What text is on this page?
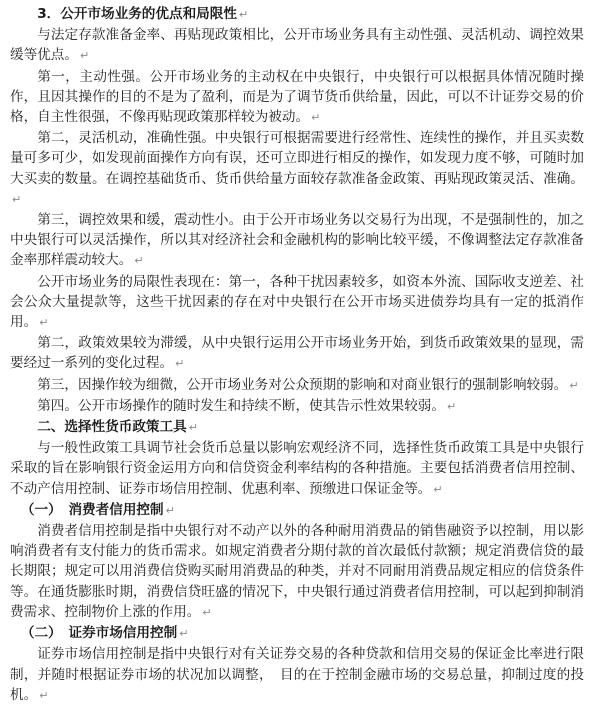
3．公开市场业务的优点和局限性 ↵

与法定存款准备金率、再贴现政策相比，公开市场业务具有主动性强、灵活机动、调控效果缓等优点。 ↵

第一，主动性强。公开市场业务的主动权在中央银行，中央银行可以根据具体情况随时操作，且因其操作的目的不是为了盈利，而是为了调节货币供给量，因此，可以不计证券交易的价格，自主性很强，不像再贴现政策那样较为被动。 ↵

第二，灵活机动，准确性强。中央银行可根据需要进行经常性、连续性的操作，并且买卖数量可多可少，如发现前面操作方向有误，还可立即进行相反的操作，如发现力度不够，可随时加大买卖的数量。在调控基础货币、货币供给量方面较存款准备金政策、再贴现政策灵活、准确。↵

第三，调控效果和缓，震动性小。由于公开市场业务以交易行为出现，不是强制性的，加之中央银行可以灵活操作，所以其对经济社会和金融机构的影响比较平缓，不像调整法定存款准备金率那样震动较大。 ↵

公开市场业务的局限性表现在：第一，各种干扰因素较多，如资本外流、国际收支逆差、社会公众大量提款等，这些干扰因素的存在对中央银行在公开市场买进债券均具有一定的抵消作用。 ↵

第二，政策效果较为滞缓，从中央银行运用公开市场业务开始，到货币政策效果的显现，需要经过一系列的变化过程。 ↵

第三，因操作较为细微，公开市场业务对公众预期的影响和对商业银行的强制影响较弱。 ↵

第四。公开市场操作的随时发生和持续不断，使其告示性效果较弱。 ↵

二、选择性货币政策工具 ↵

与一般性政策工具调节社会货币总量以影响宏观经济不同，选择性货币政策工具是中央银行采取的旨在影响银行资金运用方向和信贷资金利率结构的各种措施。主要包括消费者信用控制、不动产信用控制、证券市场信用控制、优惠利率、预缴进口保证金等。 ↵

（一）　消费者信用控制 ↵

消费者信用控制是指中央银行对不动产以外的各种耐用消费品的销售融资予以控制，用以影响消费者有支付能力的货币需求。如规定消费者分期付款的首次最低付款额；规定消费信贷的最长期限；规定可以用消费信贷购买耐用消费品的种类，并对不同耐用消费品规定相应的信贷条件等。在通货膨胀时期，消费信贷旺盛的情况下，中央银行通过消费者信用控制，可以起到抑制消费需求、控制物价上涨的作用。 ↵

（二）　证券市场信用控制 ↵

证券市场信用控制是指中央银行对有关证券交易的各种贷款和信用交易的保证金比率进行限制，并随时根据证券市场的状况加以调整，　目的在于控制金融市场的交易总量，抑制过度的投机。 ↵
